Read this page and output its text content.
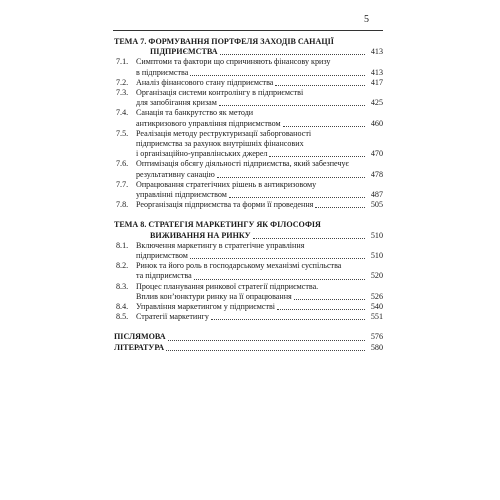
5
ТЕМА 7. ФОРМУВАННЯ ПОРТФЕЛЯ ЗАХОДІВ САНАЦІЇ
ПІДПРИЄМСТВА	413
7.1. Симптоми та фактори що спричиняють фінансову кризу
в підприємства	413
7.2. Аналіз фінансового стану підприємства	417
7.3. Організація системи контролінгу в підприємстві
для запобігання кризам	425
7.4. Санація та банкрутство як методи
антикризового управління підприємством	460
7.5. Реалізація методу реструктуризації заборгованості
підприємства за рахунок внутрішніх фінансових
і організаційно-управлінських джерел	470
7.6. Оптимізація обсягу діяльності підприємства, який забезпечує
результативну санацію	478
7.7. Опрацювання стратегічних рішень в антикризовому
управлінні підприємством	487
7.8. Реорганізація підприємства та форми її проведення	505
ТЕМА 8. СТРАТЕГІЯ МАРКЕТИНГУ ЯК ФІЛОСОФІЯ
ВИЖИВАННЯ НА РИНКУ	510
8.1. Включення маркетингу в стратегічне управління
підприємством	510
8.2. Ринок та його роль в господарському механізмі суспільства
та підприємства	520
8.3. Процес планування ринкової стратегії підприємства.
Вплив кон’юнктури ринку на її опрацювання	526
8.4. Управління маркетингом у підприємстві	540
8.5. Стратегії маркетингу	551
ПІСЛЯМОВА	576
ЛІТЕРАТУРА	580
